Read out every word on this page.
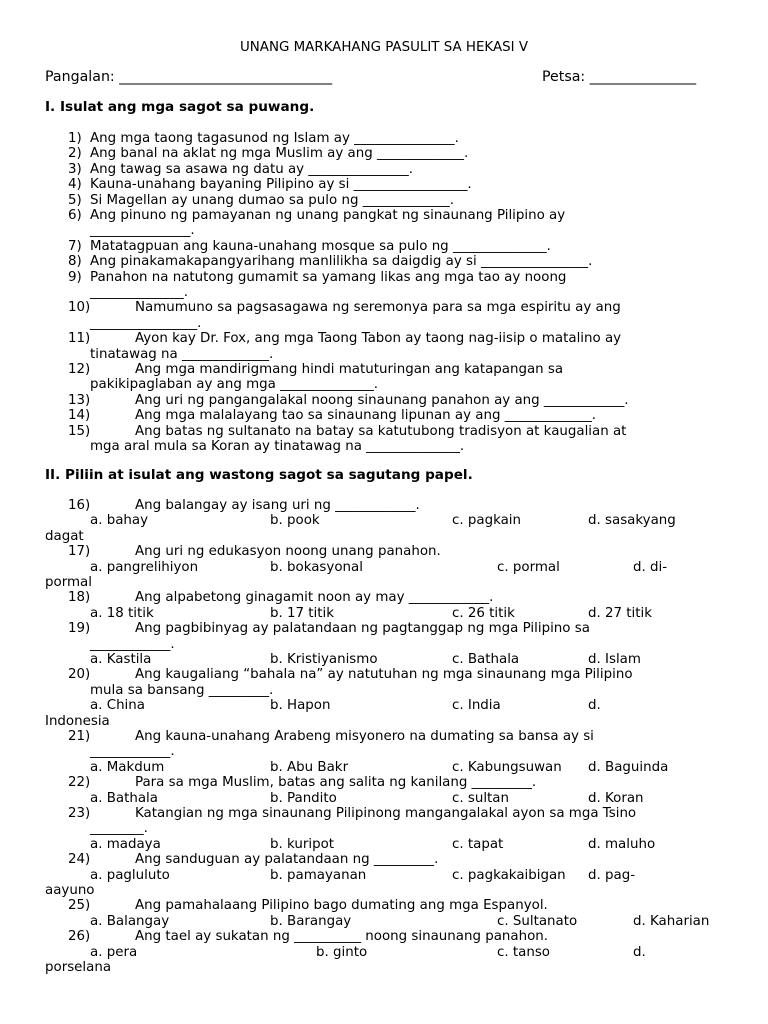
UNANG MARKAHANG PASULIT SA HEKASI V
Pangalan: ______________________________	Petsa: _______________
I. Isulat ang mga sagot sa puwang.
1) Ang mga taong tagasunod ng Islam ay _______________.
2) Ang banal na aklat ng mga Muslim ay ang _____________.
3) Ang tawag sa asawa ng datu ay _______________.
4) Kauna-unahang bayaning Pilipino ay si _________________.
5) Si Magellan ay unang dumao sa pulo ng _____________.
6) Ang pinuno ng pamayanan ng unang pangkat ng sinaunang Pilipino ay
_______________.
7) Matatagpuan ang kauna-unahang mosque sa pulo ng ______________.
8) Ang pinakamakapangyarihang manlilikha sa daigdig ay si ________________.
9) Panahon na natutong gumamit sa yamang likas ang mga tao ay noong
______________.
10)	Namumuno sa pagsasagawa ng seremonya para sa mga espiritu ay ang
________________.
11)	Ayon kay Dr. Fox, ang mga Taong Tabon ay taong nag-iisip o matalino ay
tinatawag na _____________.
12)	Ang mga mandirigmang hindi matuturingan ang katapangan sa
pakikipaglaban ay ang mga ______________.
13)	Ang uri ng pangangalakal noong sinaunang panahon ay ang ____________.
14)	Ang mga malalayang tao sa sinaunang lipunan ay ang _____________.
15)	Ang batas ng sultanato na batay sa katutubong tradisyon at kaugalian at
mga aral mula sa Koran ay tinatawag na ______________.
II. Piliin at isulat ang wastong sagot sa sagutang papel.
16)	Ang balangay ay isang uri ng ____________.
a. bahay	b. pook	c. pagkain	d. sasakyang
dagat
17)	Ang uri ng edukasyon noong unang panahon.
a. pangrelihiyon	b. bokasyonal	c. pormal	d. di-
pormal
18)	Ang alpabetong ginagamit noon ay may ____________.
a. 18 titik	b. 17 titik	c. 26 titik	d. 27 titik
19)	Ang pagbibinyag ay palatandaan ng pagtanggap ng mga Pilipino sa
____________.
a. Kastila	b. Kristiyanismo	c. Bathala	d. Islam
20)	Ang kaugaliang “bahala na” ay natutuhan ng mga sinaunang mga Pilipino
mula sa bansang _________.
a. China	b. Hapon	c. India	d.
Indonesia
21)	Ang kauna-unahang Arabeng misyonero na dumating sa bansa ay si
____________.
a. Makdum	b. Abu Bakr	c. Kabungsuwan d. Baguinda
22)	Para sa mga Muslim, batas ang salita ng kanilang _________.
a. Bathala	b. Pandito	c. sultan	d. Koran
23)	Katangian ng mga sinaunang Pilipinong mangangalakal ayon sa mga Tsino
________.
a. madaya	b. kuripot	c. tapat	d. maluho
24)	Ang sanduguan ay palatandaan ng _________.
a. pagluluto	b. pamayanan	c. pagkakaibigan d. pag-
aayuno
25)	Ang pamahalaang Pilipino bago dumating ang mga Espanyol.
a. Balangay	b. Barangay	c. Sultanato	d. Kaharian
26)	Ang tael ay sukatan ng __________ noong sinaunang panahon.
a. pera	b. ginto	c. tanso	d.
porselana
